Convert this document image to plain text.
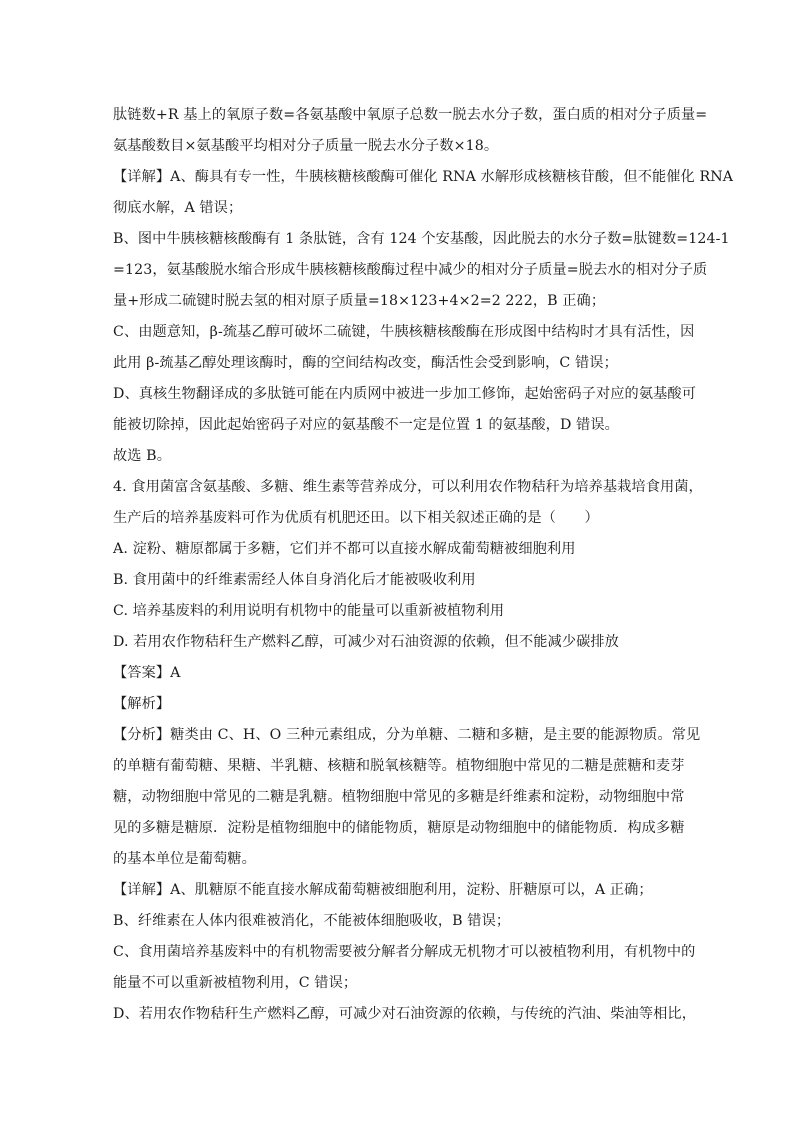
肽链数+R 基上的氧原子数=各氨基酸中氧原子总数一脱去水分子数，蛋白质的相对分子质量=
氨基酸数目×氨基酸平均相对分子质量一脱去水分子数×18。
【详解】A、酶具有专一性，牛胰核糖核酸酶可催化 RNA 水解形成核糖核苷酸，但不能催化 RNA
彻底水解，A 错误；
B、图中牛胰核糖核酸酶有 1 条肽链，含有 124 个安基酸，因此脱去的水分子数=肽键数=124-1
=123，氨基酸脱水缩合形成牛胰核糖核酸酶过程中减少的相对分子质量=脱去水的相对分子质
量+形成二硫键时脱去氢的相对原子质量=18×123+4×2=2 222，B 正确；
C、由题意知，β-巯基乙醇可破坏二硫键，牛胰核糖核酸酶在形成图中结构时才具有活性，因
此用 β-巯基乙醇处理该酶时，酶的空间结构改变，酶活性会受到影响，C 错误；
D、真核生物翻译成的多肽链可能在内质网中被进一步加工修饰，起始密码子对应的氨基酸可
能被切除掉，因此起始密码子对应的氨基酸不一定是位置 1 的氨基酸，D 错误。
故选 B。
4. 食用菌富含氨基酸、多糖、维生素等营养成分，可以利用农作物秸秆为培养基栽培食用菌，
生产后的培养基废料可作为优质有机肥还田。以下相关叙述正确的是（　　）
A. 淀粉、糖原都属于多糖，它们并不都可以直接水解成葡萄糖被细胞利用
B. 食用菌中的纤维素需经人体自身消化后才能被吸收利用
C. 培养基废料的利用说明有机物中的能量可以重新被植物利用
D. 若用农作物秸秆生产燃料乙醇，可减少对石油资源的依赖，但不能减少碳排放
【答案】A
【解析】
【分析】糖类由 C、H、O 三种元素组成，分为单糖、二糖和多糖，是主要的能源物质。常见
的单糖有葡萄糖、果糖、半乳糖、核糖和脱氧核糖等。植物细胞中常见的二糖是蔗糖和麦芽
糖，动物细胞中常见的二糖是乳糖。植物细胞中常见的多糖是纤维素和淀粉，动物细胞中常
见的多糖是糖原．淀粉是植物细胞中的储能物质，糖原是动物细胞中的储能物质．构成多糖
的基本单位是葡萄糖。
【详解】A、肌糖原不能直接水解成葡萄糖被细胞利用，淀粉、肝糖原可以，A 正确；
B、纤维素在人体内很难被消化，不能被体细胞吸收，B 错误；
C、食用菌培养基废料中的有机物需要被分解者分解成无机物才可以被植物利用，有机物中的
能量不可以重新被植物利用，C 错误；
D、若用农作物秸秆生产燃料乙醇，可减少对石油资源的依赖，与传统的汽油、柴油等相比，
